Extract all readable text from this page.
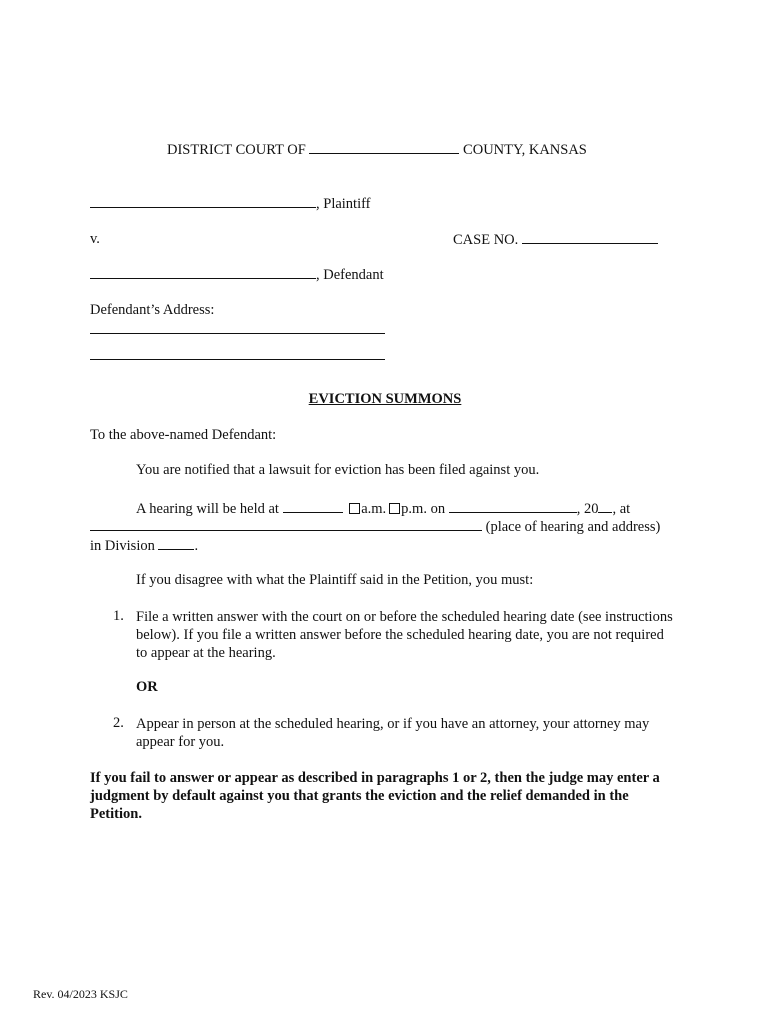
DISTRICT COURT OF	COUNTY, KANSAS
, Plaintiff
v.	CASE NO.
, Defendant
Defendant’s Address:
EVICTION SUMMONS
To the above-named Defendant:
You are notified that a lawsuit for eviction has been filed against you.
A hearing will be held at	a.m. p.m. on	, 20 , at
(place of hearing and address)
in Division	.
If you disagree with what the Plaintiff said in the Petition, you must:
1. File a written answer with the court on or before the scheduled hearing date (see instructions below). If you file a written answer before the scheduled hearing date, you are not required to appear at the hearing.
OR
2. Appear in person at the scheduled hearing, or if you have an attorney, your attorney may appear for you.
If you fail to answer or appear as described in paragraphs 1 or 2, then the judge may enter a judgment by default against you that grants the eviction and the relief demanded in the Petition.
Rev. 04/2023 KSJC
